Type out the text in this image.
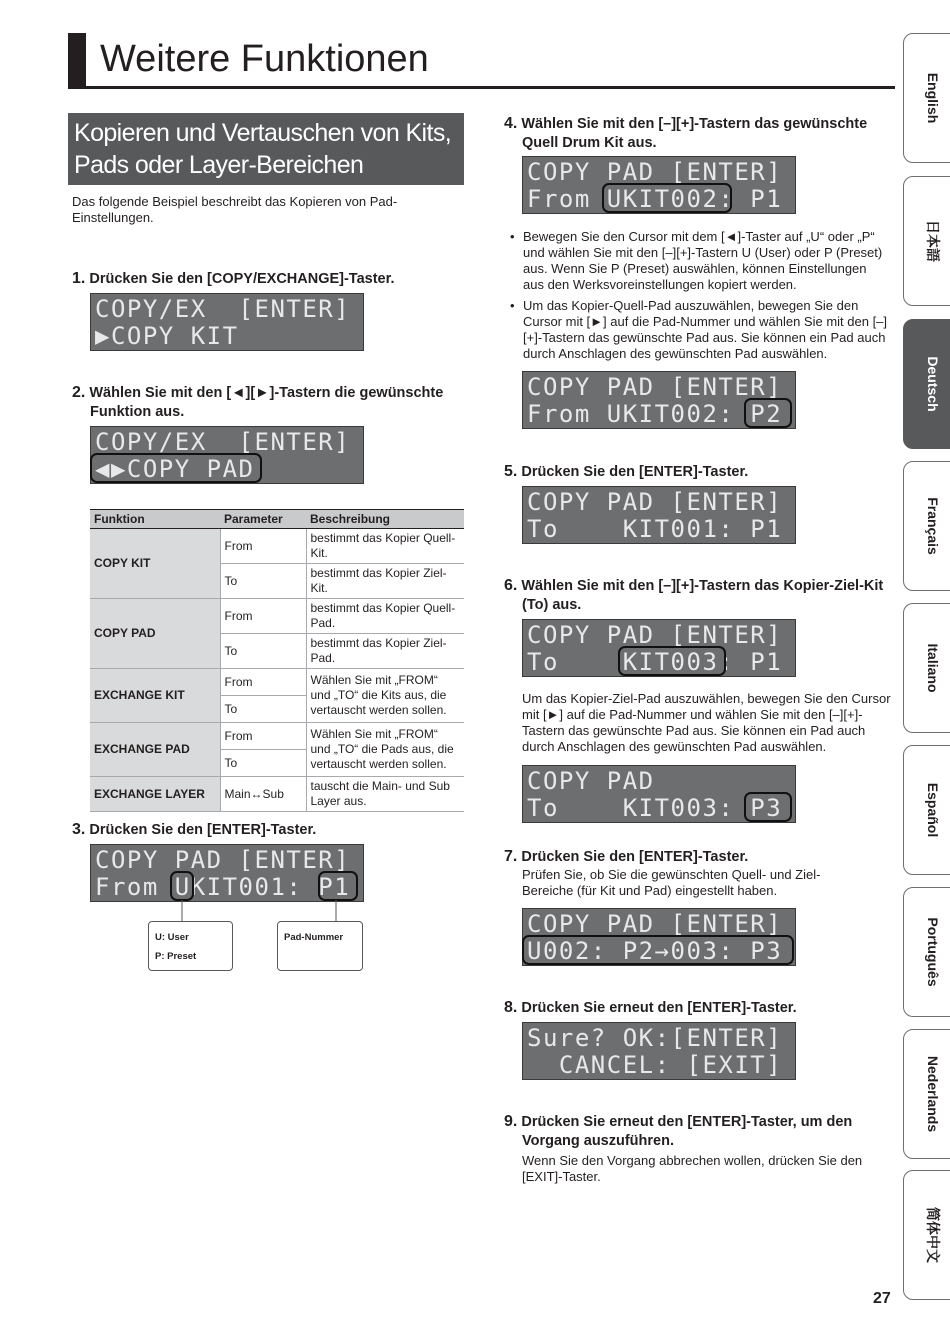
Weitere Funktionen
Kopieren und Vertauschen von Kits, Pads oder Layer-Bereichen
Das folgende Beispiel beschreibt das Kopieren von Pad-Einstellungen.
1. Drücken Sie den [COPY/EXCHANGE]-Taster.
COPY/EX  [ENTER]
▶COPY KIT
2. Wählen Sie mit den [◄][►]-Tastern die gewünschte Funktion aus.
COPY/EX  [ENTER]
◀▶COPY PAD
Funktion	Parameter	Beschreibung
COPY KIT	From	bestimmt das Kopier Quell-Kit.
	To	bestimmt das Kopier Ziel-Kit.
COPY PAD	From	bestimmt das Kopier Quell-Pad.
	To	bestimmt das Kopier Ziel-Pad.
EXCHANGE KIT	From	Wählen Sie mit „FROM“ und „TO“ die Kits aus, die vertauscht werden sollen.
	To	
EXCHANGE PAD	From	Wählen Sie mit „FROM“ und „TO“ die Pads aus, die vertauscht werden sollen.
	To	
EXCHANGE LAYER	Main↔Sub	tauscht die Main- und Sub Layer aus.
3. Drücken Sie den [ENTER]-Taster.
COPY PAD [ENTER]
From UKIT001: P1
U: User
P: Preset
Pad-Nummer
4. Wählen Sie mit den [–][+]-Tastern das gewünschte Quell Drum Kit aus.
COPY PAD [ENTER]
From UKIT002: P1
• Bewegen Sie den Cursor mit dem [◄]-Taster auf „U“ oder „P“ und wählen Sie mit den [–][+]-Tastern U (User) oder P (Preset) aus. Wenn Sie P (Preset) auswählen, können Einstellungen aus den Werksvoreinstellungen kopiert werden.
• Um das Kopier-Quell-Pad auszuwählen, bewegen Sie den Cursor mit [►] auf die Pad-Nummer und wählen Sie mit den [–][+]-Tastern das gewünschte Pad aus. Sie können ein Pad auch durch Anschlagen des gewünschten Pad auswählen.
COPY PAD [ENTER]
From UKIT002: P2
5. Drücken Sie den [ENTER]-Taster.
COPY PAD [ENTER]
To    KIT001: P1
6. Wählen Sie mit den [–][+]-Tastern das Kopier-Ziel-Kit (To) aus.
COPY PAD [ENTER]
To    KIT003: P1
Um das Kopier-Ziel-Pad auszuwählen, bewegen Sie den Cursor mit [►] auf die Pad-Nummer und wählen Sie mit den [–][+]-Tastern das gewünschte Pad aus. Sie können ein Pad auch durch Anschlagen des gewünschten Pad auswählen.
COPY PAD
To    KIT003: P3
7. Drücken Sie den [ENTER]-Taster.
Prüfen Sie, ob Sie die gewünschten Quell- und Ziel-Bereiche (für Kit und Pad) eingestellt haben.
COPY PAD [ENTER]
U002: P2→003: P3
8. Drücken Sie erneut den [ENTER]-Taster.
Sure? OK:[ENTER]
CANCEL: [EXIT]
9. Drücken Sie erneut den [ENTER]-Taster, um den Vorgang auszuführen.
Wenn Sie den Vorgang abbrechen wollen, drücken Sie den [EXIT]-Taster.
English
日本語
Deutsch
Français
Italiano
Español
Português
Nederlands
简体中文
27
